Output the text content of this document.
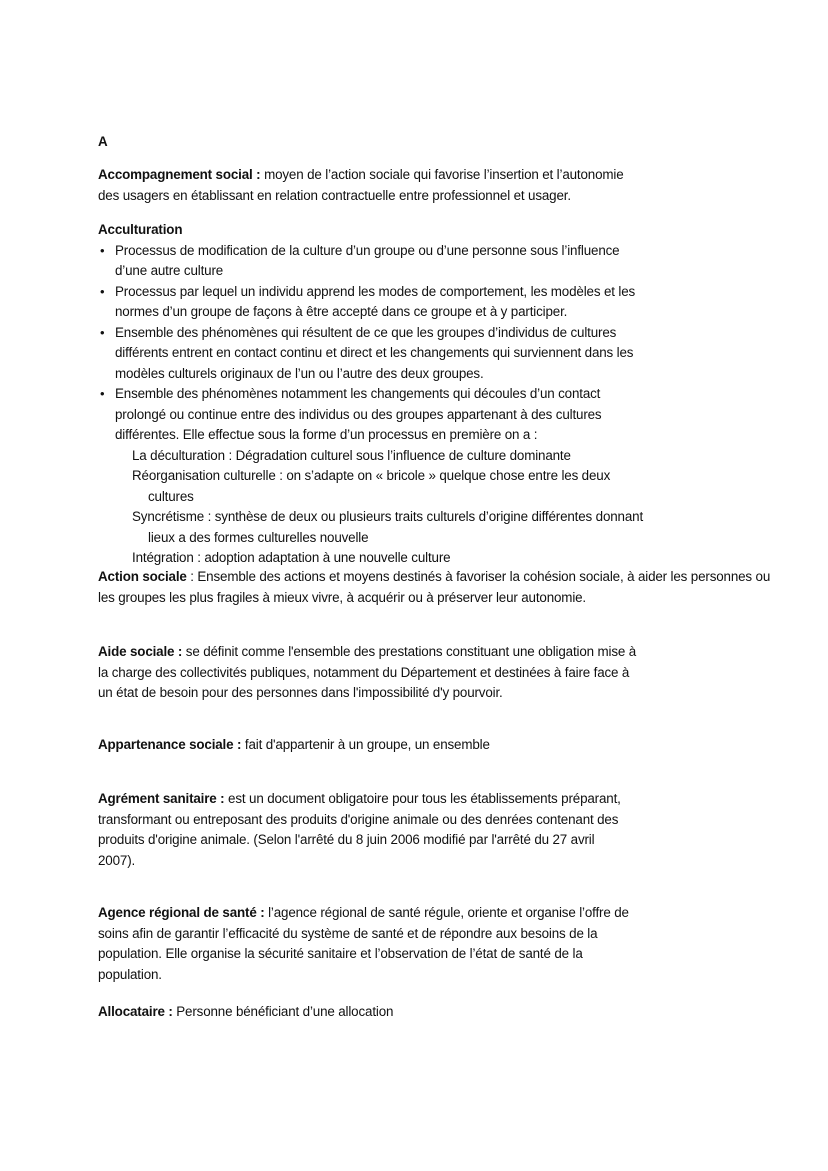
A
Accompagnement social : moyen de l’action sociale qui favorise l’insertion et l’autonomie
des usagers en établissant en relation contractuelle entre professionnel et usager.
Acculturation
• Processus de modification de la culture d’un groupe ou d’une personne sous l’influence
d’une autre culture
• Processus par lequel un individu apprend les modes de comportement, les modèles et les
normes d’un groupe de façons à être accepté dans ce groupe et à y participer.
• Ensemble des phénomènes qui résultent de ce que les groupes d’individus de cultures
différents entrent en contact continu et direct et les changements qui surviennent dans les
modèles culturels originaux de l’un ou l’autre des deux groupes.
• Ensemble des phénomènes notamment les changements qui découles d’un contact
prolongé ou continue entre des individus ou des groupes appartenant à des cultures
différentes. Elle effectue sous la forme d’un processus en première on a :
La déculturation : Dégradation culturel sous l’influence de culture dominante
Réorganisation culturelle : on s’adapte on « bricole » quelque chose entre les deux
cultures
Syncrétisme : synthèse de deux ou plusieurs traits culturels d’origine différentes donnant
lieux a des formes culturelles nouvelle
Intégration : adoption adaptation à une nouvelle culture
Action sociale : Ensemble des actions et moyens destinés à favoriser la cohésion sociale, à aider les personnes ou
les groupes les plus fragiles à mieux vivre, à acquérir ou à préserver leur autonomie.
Aide sociale : se définit comme l'ensemble des prestations constituant une obligation mise à
la charge des collectivités publiques, notamment du Département et destinées à faire face à
un état de besoin pour des personnes dans l'impossibilité d'y pourvoir.
Appartenance sociale : fait d'appartenir à un groupe, un ensemble
Agrément sanitaire : est un document obligatoire pour tous les établissements préparant,
transformant ou entreposant des produits d'origine animale ou des denrées contenant des
produits d'origine animale. (Selon l'arrêté du 8 juin 2006 modifié par l'arrêté du 27 avril
2007).
Agence régional de santé : l’agence régional de santé régule, oriente et organise l’offre de
soins afin de garantir l’efficacité du système de santé et de répondre aux besoins de la
population. Elle organise la sécurité sanitaire et l’observation de l’état de santé de la
population.
Allocataire : Personne bénéficiant d’une allocation
